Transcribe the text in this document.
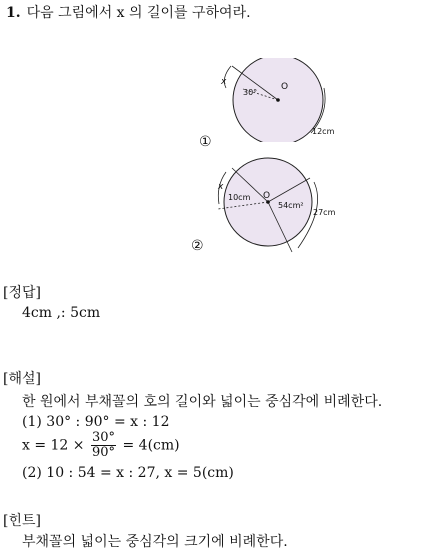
1. 다음 그림에서 x 의 길이를 구하여라.
O
30°
x
12cm
①
O
10cm
54cm²
27cm
x
②
[정답]
4cm ,: 5cm
[해설]
한 원에서 부채꼴의 호의 길이와 넓이는 중심각에 비례한다.
(1) 30° : 90° = x : 12
$x = 12 \times \frac{30^\circ}{90^\circ} = 4(cm)$
(2) 10 : 54 = x : 27, x = 5(cm)
[힌트]
부채꼴의 넓이는 중심각의 크기에 비례한다.
